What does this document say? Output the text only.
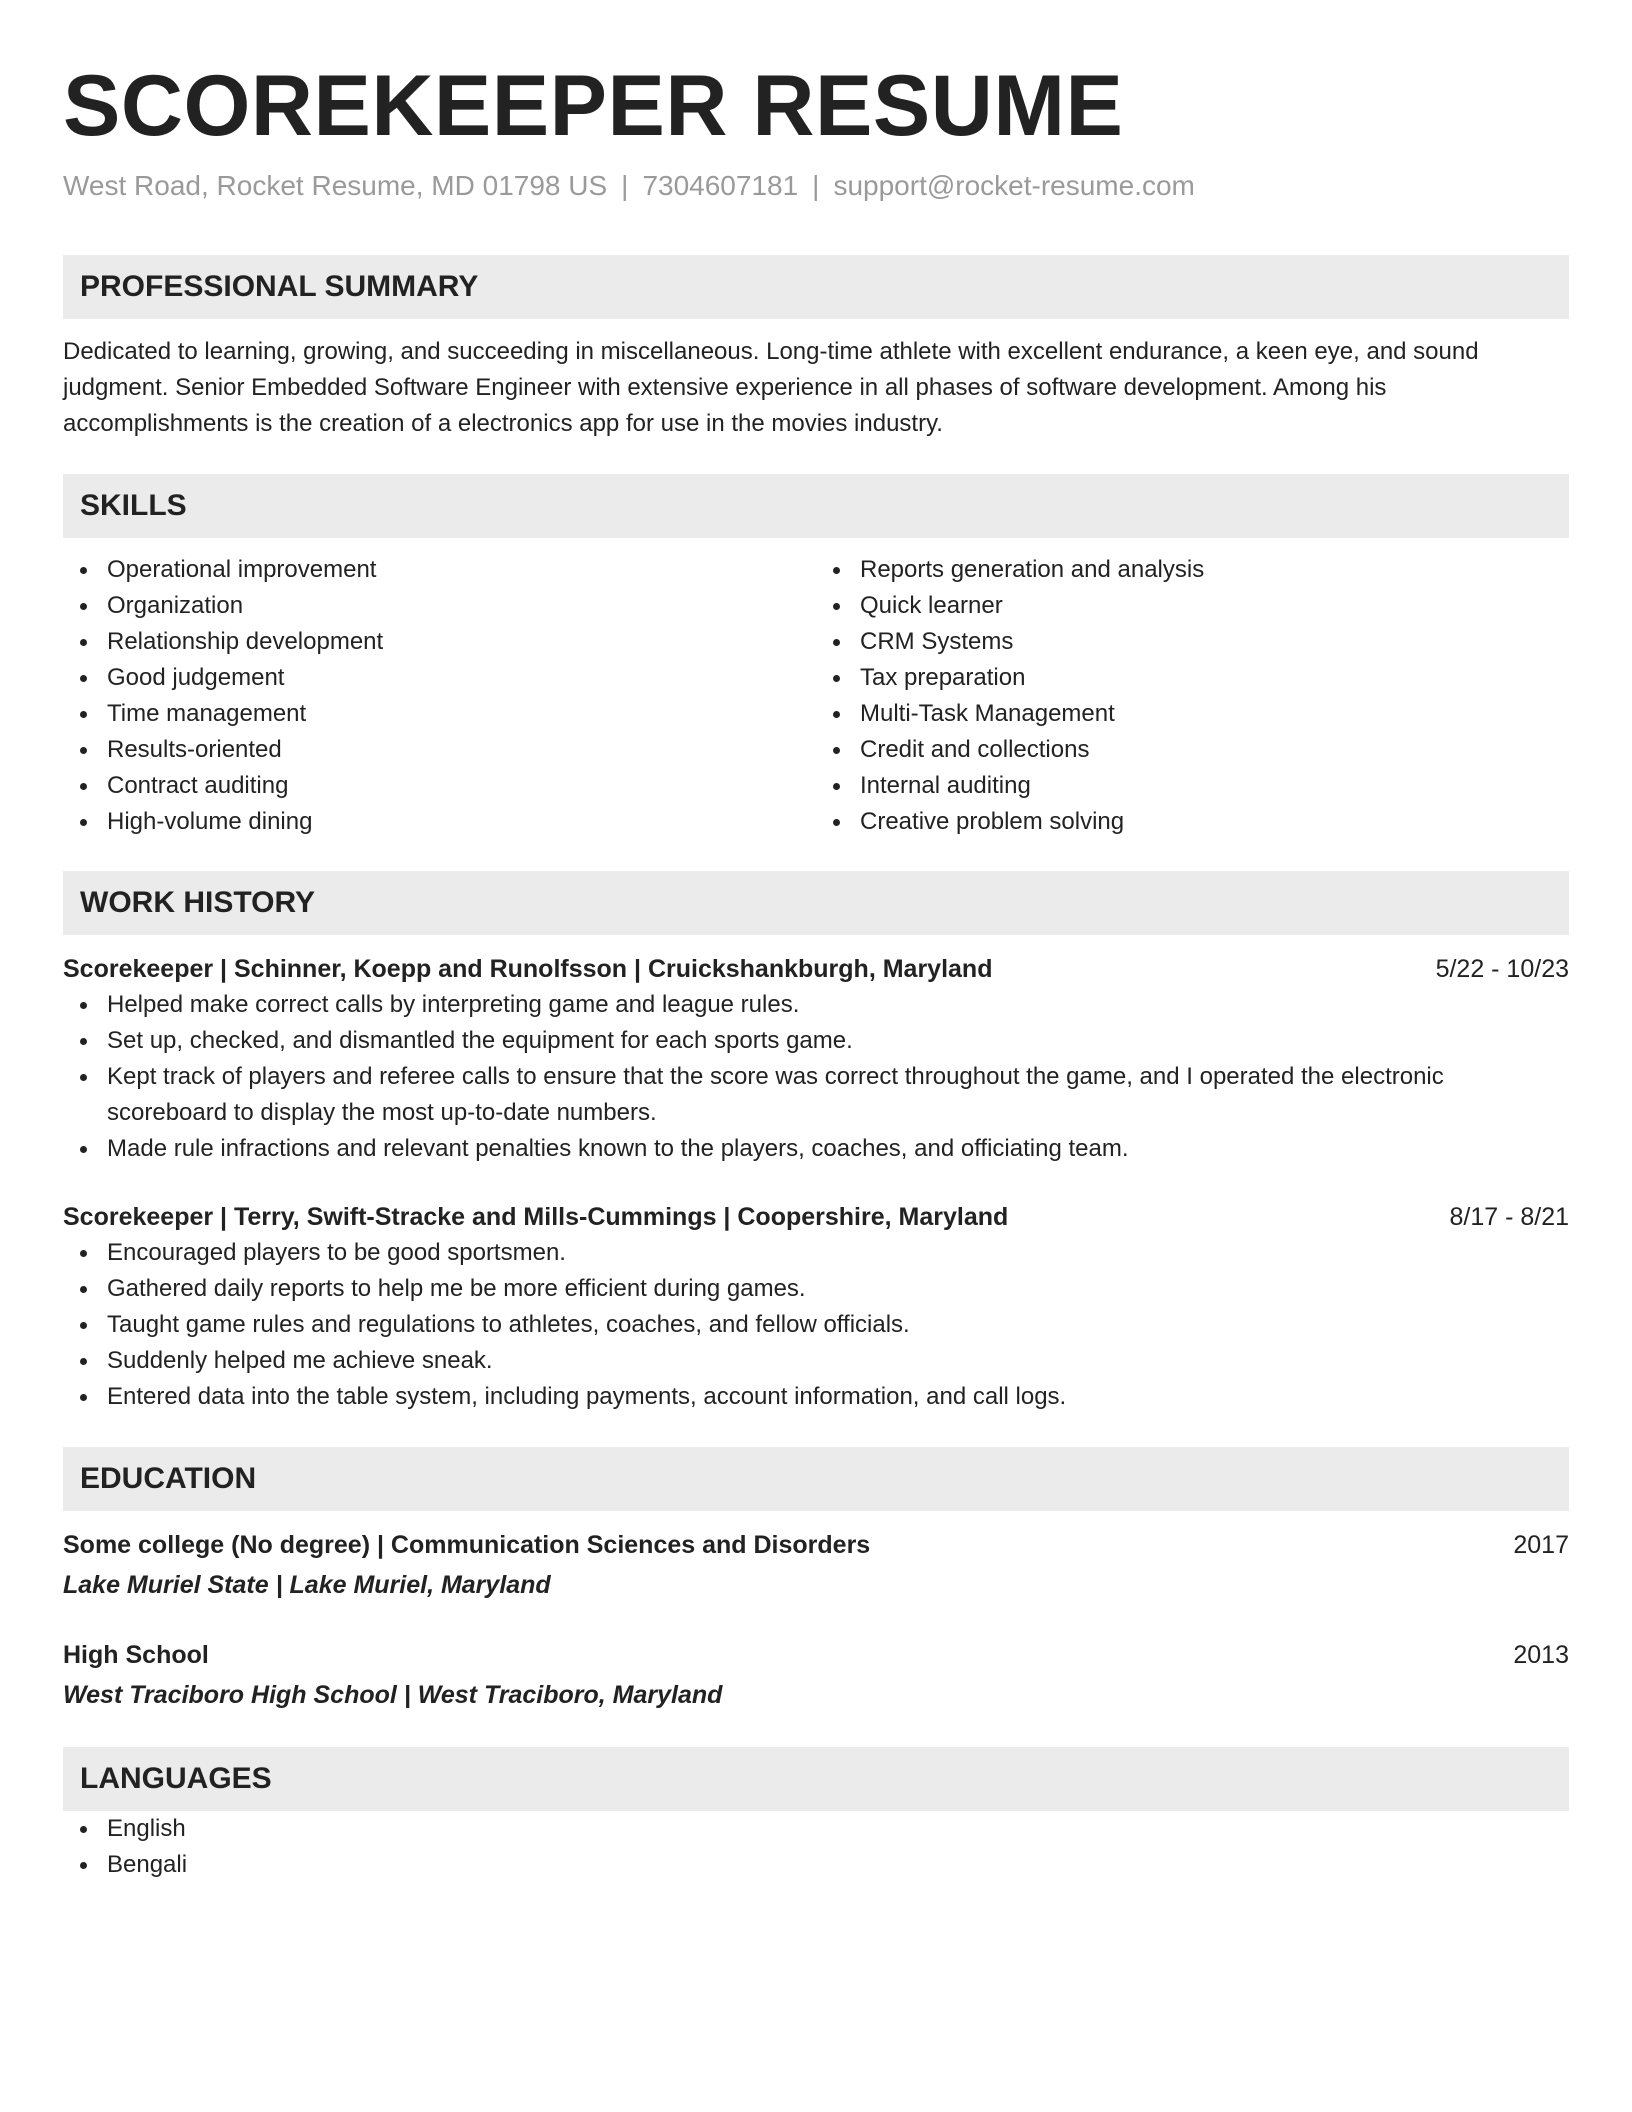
SCOREKEEPER RESUME
West Road, Rocket Resume, MD 01798 US | 7304607181 | support@rocket-resume.com
PROFESSIONAL SUMMARY
Dedicated to learning, growing, and succeeding in miscellaneous. Long-time athlete with excellent endurance, a keen eye, and sound judgment. Senior Embedded Software Engineer with extensive experience in all phases of software development. Among his accomplishments is the creation of a electronics app for use in the movies industry.
SKILLS
Operational improvement
Organization
Relationship development
Good judgement
Time management
Results-oriented
Contract auditing
High-volume dining
Reports generation and analysis
Quick learner
CRM Systems
Tax preparation
Multi-Task Management
Credit and collections
Internal auditing
Creative problem solving
WORK HISTORY
Scorekeeper | Schinner, Koepp and Runolfsson | Cruickshankburgh, Maryland	5/22 - 10/23
Helped make correct calls by interpreting game and league rules.
Set up, checked, and dismantled the equipment for each sports game.
Kept track of players and referee calls to ensure that the score was correct throughout the game, and I operated the electronic scoreboard to display the most up-to-date numbers.
Made rule infractions and relevant penalties known to the players, coaches, and officiating team.
Scorekeeper | Terry, Swift-Stracke and Mills-Cummings | Coopershire, Maryland	8/17 - 8/21
Encouraged players to be good sportsmen.
Gathered daily reports to help me be more efficient during games.
Taught game rules and regulations to athletes, coaches, and fellow officials.
Suddenly helped me achieve sneak.
Entered data into the table system, including payments, account information, and call logs.
EDUCATION
Some college (No degree) | Communication Sciences and Disorders	2017
Lake Muriel State | Lake Muriel, Maryland
High School	2013
West Traciboro High School | West Traciboro, Maryland
LANGUAGES
English
Bengali
